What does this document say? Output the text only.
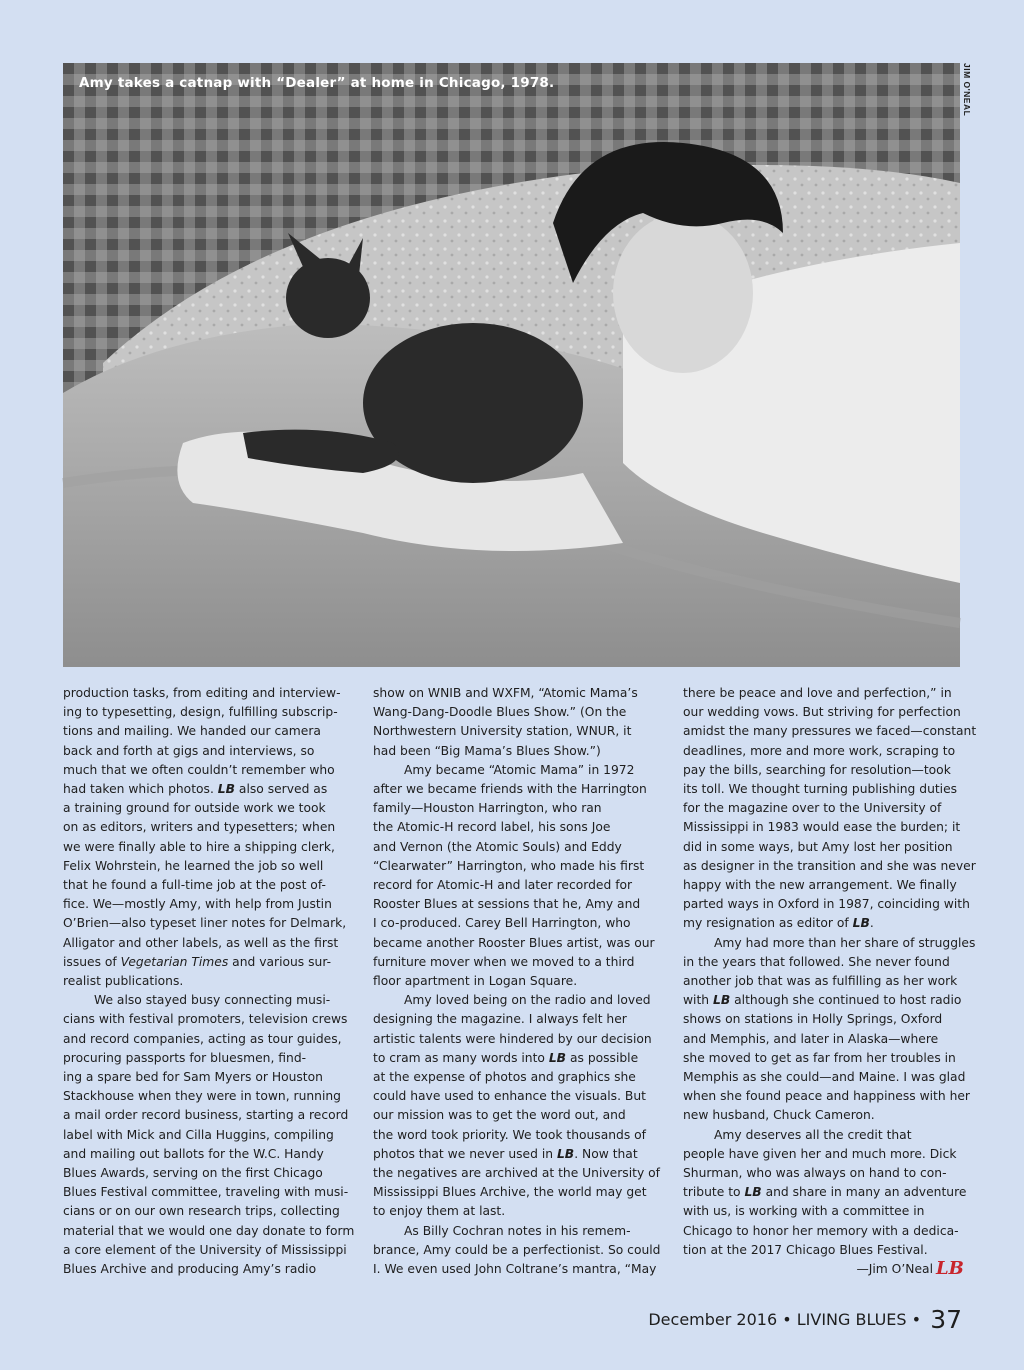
Amy takes a catnap with “Dealer” at home in Chicago, 1978.	JIM O'NEAL

production tasks, from editing and interview-
ing to typesetting, design, fulfilling subscrip-
tions and mailing. We handed our camera
back and forth at gigs and interviews, so
much that we often couldn’t remember who
had taken which photos. LB also served as
a training ground for outside work we took
on as editors, writers and typesetters; when
we were finally able to hire a shipping clerk,
Felix Wohrstein, he learned the job so well
that he found a full-time job at the post of-
fice. We—mostly Amy, with help from Justin
O’Brien—also typeset liner notes for Delmark,
Alligator and other labels, as well as the first
issues of Vegetarian Times and various sur-
realist publications.

We also stayed busy connecting musi-
cians with festival promoters, television crews
and record companies, acting as tour guides,
procuring passports for bluesmen, find-
ing a spare bed for Sam Myers or Houston
Stackhouse when they were in town, running
a mail order record business, starting a record
label with Mick and Cilla Huggins, compiling
and mailing out ballots for the W.C. Handy
Blues Awards, serving on the first Chicago
Blues Festival committee, traveling with musi-
cians or on our own research trips, collecting
material that we would one day donate to form
a core element of the University of Mississippi
Blues Archive and producing Amy’s radio

show on WNIB and WXFM, “Atomic Mama’s
Wang-Dang-Doodle Blues Show.” (On the
Northwestern University station, WNUR, it
had been “Big Mama’s Blues Show.”)

Amy became “Atomic Mama” in 1972
after we became friends with the Harrington
family—Houston Harrington, who ran
the Atomic-H record label, his sons Joe
and Vernon (the Atomic Souls) and Eddy
“Clearwater” Harrington, who made his first
record for Atomic-H and later recorded for
Rooster Blues at sessions that he, Amy and
I co-produced. Carey Bell Harrington, who
became another Rooster Blues artist, was our
furniture mover when we moved to a third
floor apartment in Logan Square.

Amy loved being on the radio and loved
designing the magazine. I always felt her
artistic talents were hindered by our decision
to cram as many words into LB as possible
at the expense of photos and graphics she
could have used to enhance the visuals. But
our mission was to get the word out, and
the word took priority. We took thousands of
photos that we never used in LB. Now that
the negatives are archived at the University of
Mississippi Blues Archive, the world may get
to enjoy them at last.

As Billy Cochran notes in his remem-
brance, Amy could be a perfectionist. So could
I. We even used John Coltrane’s mantra, “May

there be peace and love and perfection,” in
our wedding vows. But striving for perfection
amidst the many pressures we faced—constant
deadlines, more and more work, scraping to
pay the bills, searching for resolution—took
its toll. We thought turning publishing duties
for the magazine over to the University of
Mississippi in 1983 would ease the burden; it
did in some ways, but Amy lost her position
as designer in the transition and she was never
happy with the new arrangement. We finally
parted ways in Oxford in 1987, coinciding with
my resignation as editor of LB.

Amy had more than her share of struggles
in the years that followed. She never found
another job that was as fulfilling as her work
with LB although she continued to host radio
shows on stations in Holly Springs, Oxford
and Memphis, and later in Alaska—where
she moved to get as far from her troubles in
Memphis as she could—and Maine. I was glad
when she found peace and happiness with her
new husband, Chuck Cameron.

Amy deserves all the credit that
people have given her and much more. Dick
Shurman, who was always on hand to con-
tribute to LB and share in many an adventure
with us, is working with a committee in
Chicago to honor her memory with a dedica-
tion at the 2017 Chicago Blues Festival.

—Jim O’Neal LB
December 2016 • LIVING BLUES • 37
